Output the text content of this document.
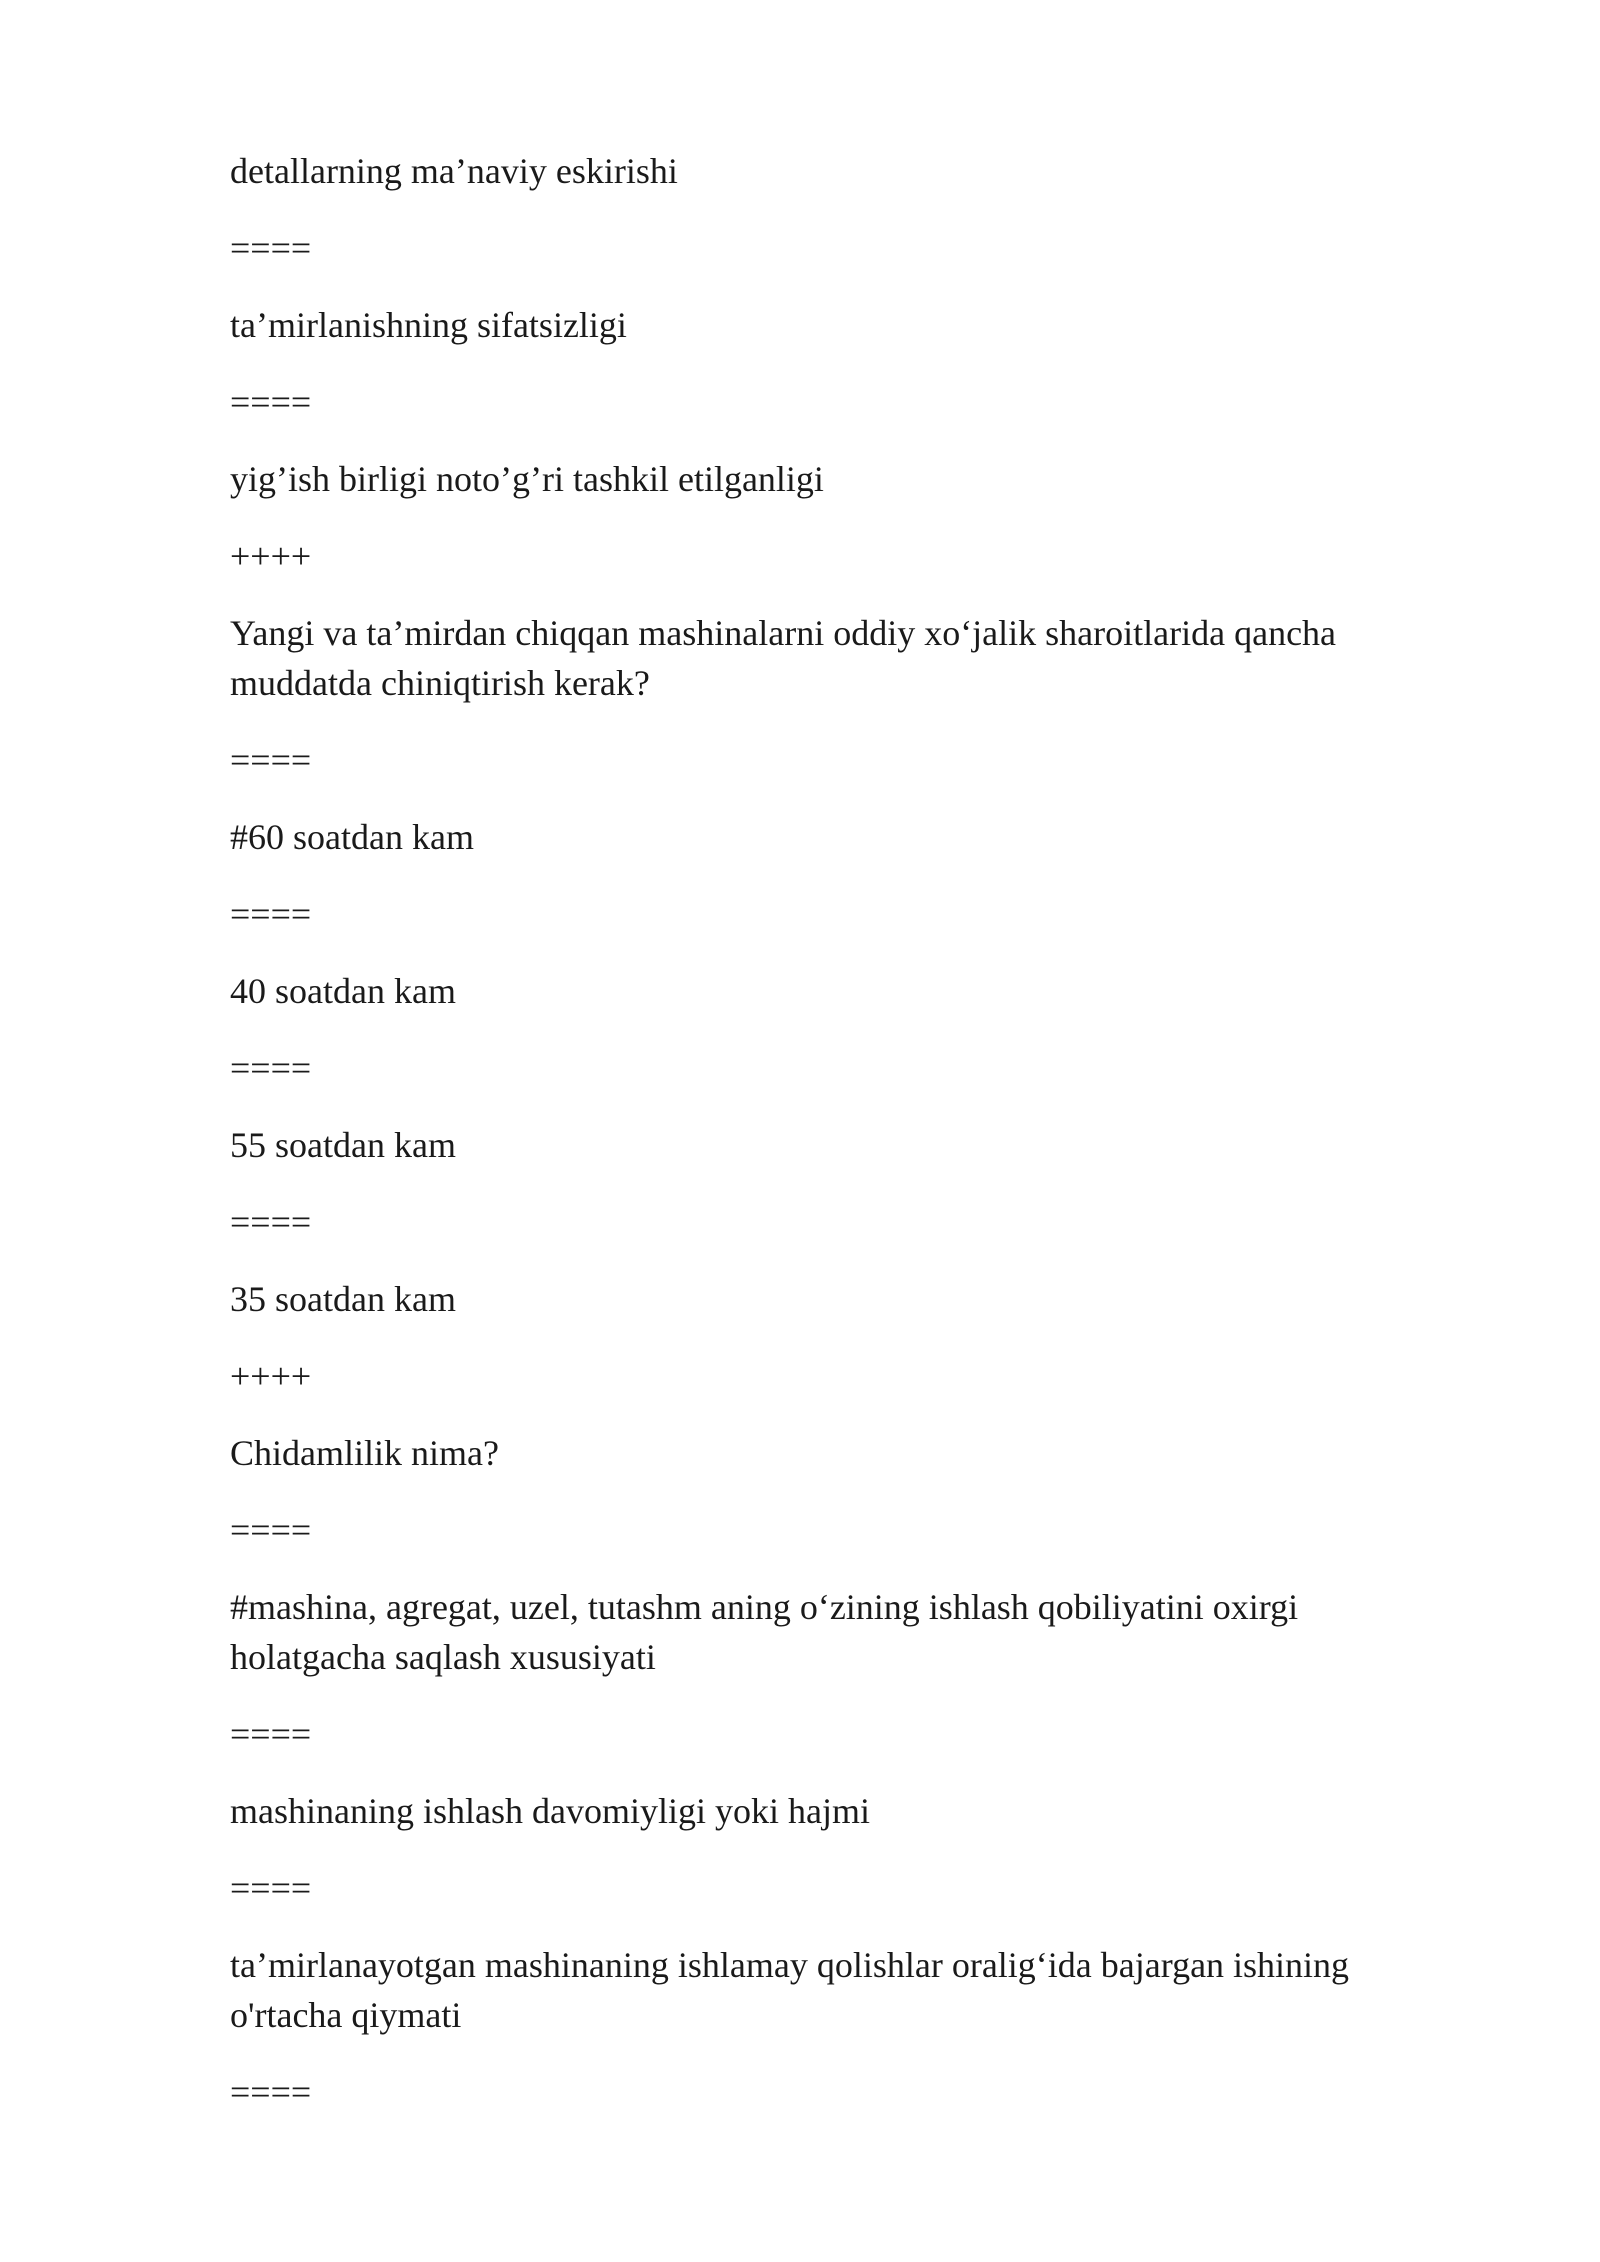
detallarning ma’naviy eskirishi

====

ta’mirlanishning sifatsizligi

====

yig’ish birligi noto’g’ri tashkil etilganligi

++++

Yangi va ta’mirdan chiqqan mashinalarni oddiy xo‘jalik sharoitlarida qancha muddatda chiniqtirish kerak?

====

#60 soatdan kam

====

40 soatdan kam

====

55 soatdan kam

====

35 soatdan kam

++++

Chidamlilik nima?

====

#mashina, agregat, uzel, tutashm aning o‘zining ishlash qobiliyatini oxirgi holatgacha saqlash xususiyati

====

mashinaning ishlash davomiyligi yoki hajmi

====

ta’mirlanayotgan mashinaning ishlamay qolishlar oralig‘ida bajargan ishining o'rtacha qiymati

====
